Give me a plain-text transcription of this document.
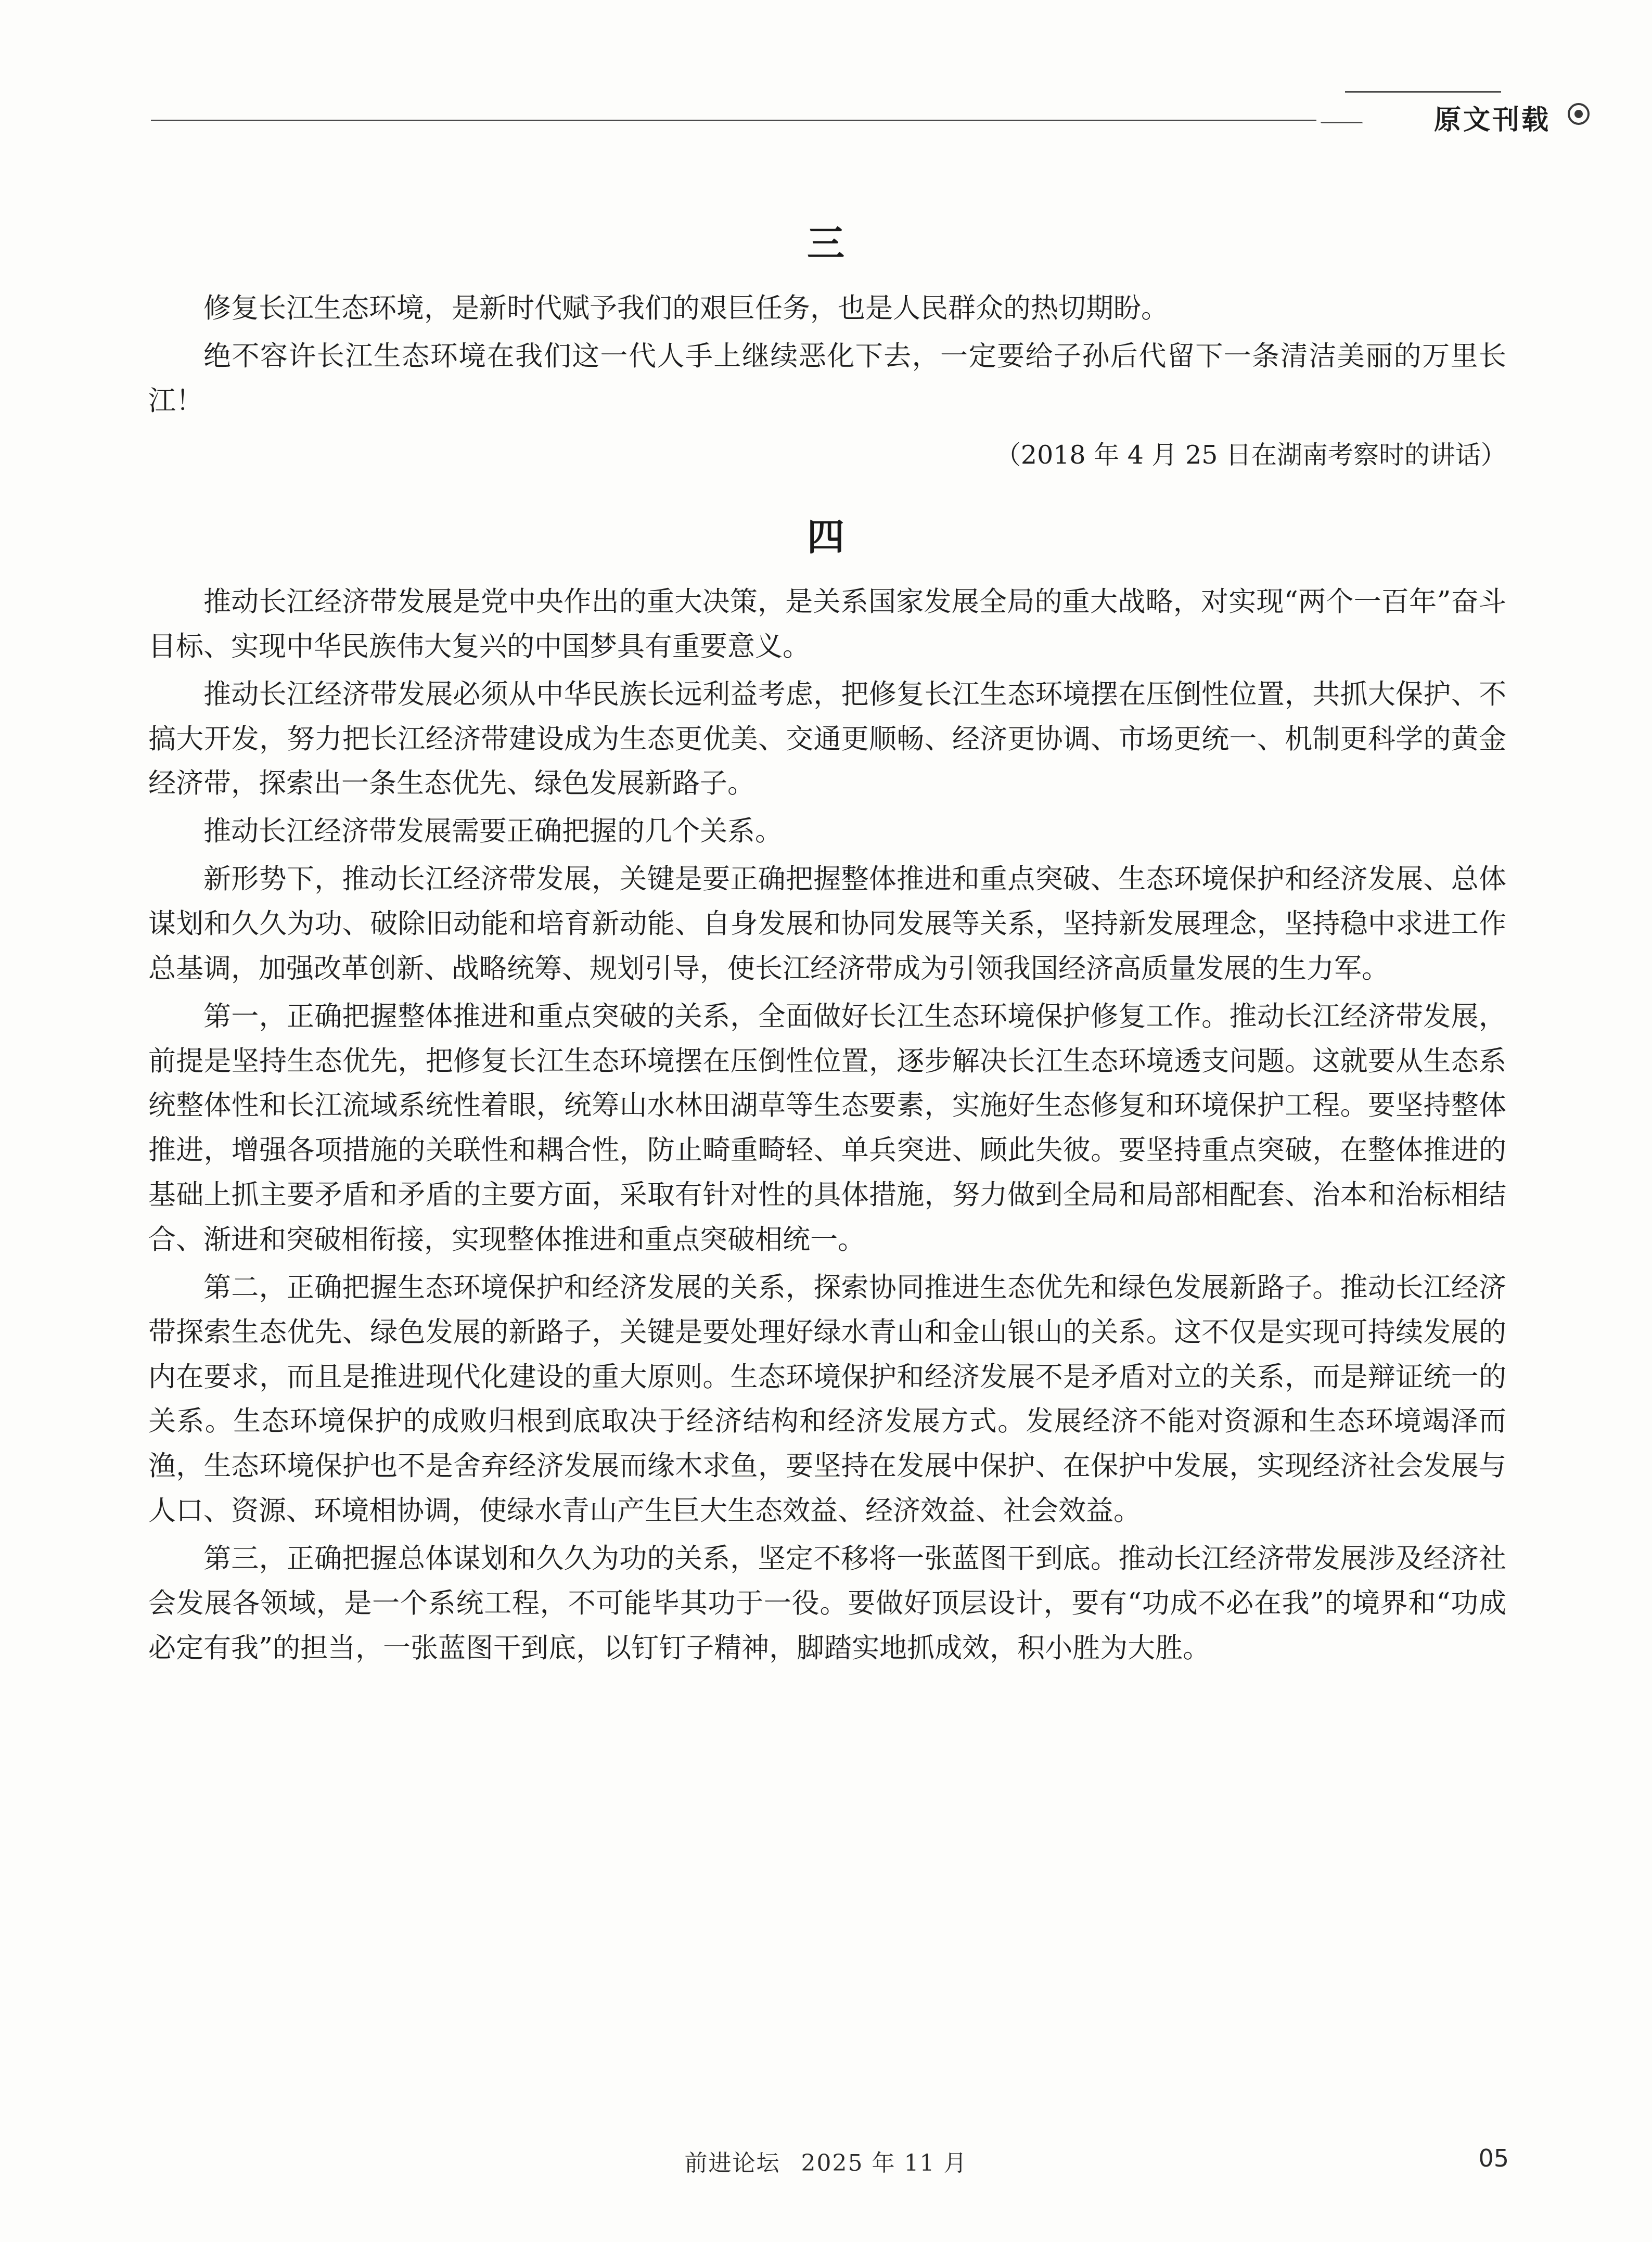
原文刊载
三

修复长江生态环境，是新时代赋予我们的艰巨任务，也是人民群众的热切期盼。

绝不容许长江生态环境在我们这一代人手上继续恶化下去，一定要给子孙后代留下一条清洁美丽的万里长江！

（2018 年 4 月 25 日在湖南考察时的讲话）

四

推动长江经济带发展是党中央作出的重大决策，是关系国家发展全局的重大战略，对实现“两个一百年”奋斗目标、实现中华民族伟大复兴的中国梦具有重要意义。

推动长江经济带发展必须从中华民族长远利益考虑，把修复长江生态环境摆在压倒性位置，共抓大保护、不搞大开发，努力把长江经济带建设成为生态更优美、交通更顺畅、经济更协调、市场更统一、机制更科学的黄金经济带，探索出一条生态优先、绿色发展新路子。

推动长江经济带发展需要正确把握的几个关系。

新形势下，推动长江经济带发展，关键是要正确把握整体推进和重点突破、生态环境保护和经济发展、总体谋划和久久为功、破除旧动能和培育新动能、自身发展和协同发展等关系，坚持新发展理念，坚持稳中求进工作总基调，加强改革创新、战略统筹、规划引导，使长江经济带成为引领我国经济高质量发展的生力军。

第一，正确把握整体推进和重点突破的关系，全面做好长江生态环境保护修复工作。推动长江经济带发展，前提是坚持生态优先，把修复长江生态环境摆在压倒性位置，逐步解决长江生态环境透支问题。这就要从生态系统整体性和长江流域系统性着眼，统筹山水林田湖草等生态要素，实施好生态修复和环境保护工程。要坚持整体推进，增强各项措施的关联性和耦合性，防止畸重畸轻、单兵突进、顾此失彼。要坚持重点突破，在整体推进的基础上抓主要矛盾和矛盾的主要方面，采取有针对性的具体措施，努力做到全局和局部相配套、治本和治标相结合、渐进和突破相衔接，实现整体推进和重点突破相统一。

第二，正确把握生态环境保护和经济发展的关系，探索协同推进生态优先和绿色发展新路子。推动长江经济带探索生态优先、绿色发展的新路子，关键是要处理好绿水青山和金山银山的关系。这不仅是实现可持续发展的内在要求，而且是推进现代化建设的重大原则。生态环境保护和经济发展不是矛盾对立的关系，而是辩证统一的关系。生态环境保护的成败归根到底取决于经济结构和经济发展方式。发展经济不能对资源和生态环境竭泽而渔，生态环境保护也不是舍弃经济发展而缘木求鱼，要坚持在发展中保护、在保护中发展，实现经济社会发展与人口、资源、环境相协调，使绿水青山产生巨大生态效益、经济效益、社会效益。

第三，正确把握总体谋划和久久为功的关系，坚定不移将一张蓝图干到底。推动长江经济带发展涉及经济社会发展各领域，是一个系统工程，不可能毕其功于一役。要做好顶层设计，要有“功成不必在我”的境界和“功成必定有我”的担当，一张蓝图干到底，以钉钉子精神，脚踏实地抓成效，积小胜为大胜。

前进论坛 2025 年 11 月	05
